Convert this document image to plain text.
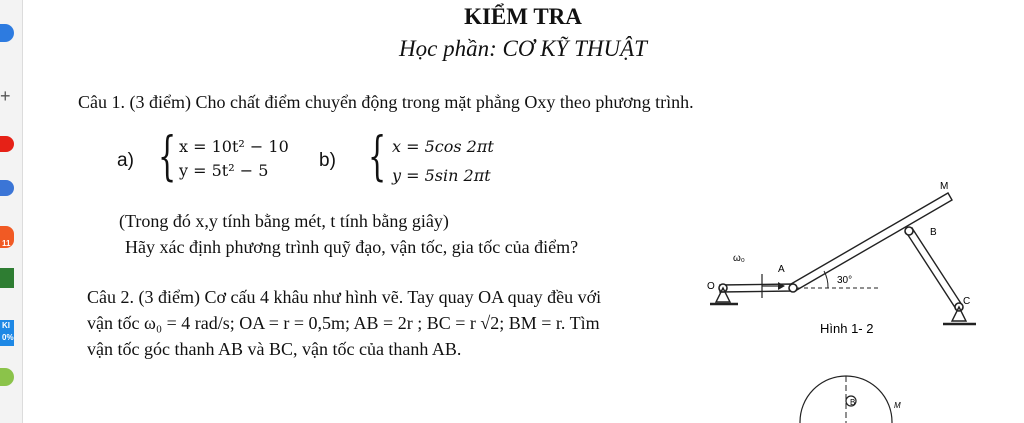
+
11
KI
0%
KIỂM TRA
Học phần: CƠ KỸ THUẬT
Câu 1. (3 điểm) Cho chất điểm chuyển động trong mặt phẳng Oxy theo phương trình.
a) { x = 10t² − 10
y = 5t² − 5	b) { x = 5cos 2πt
y = 5sin 2πt
(Trong đó x,y tính bằng mét, t tính bằng giây)
Hãy xác định phương trình quỹ đạo, vận tốc, gia tốc của điểm?
Câu 2. (3 điểm) Cơ cấu 4 khâu như hình vẽ. Tay quay OA quay đều với
vận tốc ω₀ = 4 rad/s; OA = r = 0,5m; AB = 2r ; BC = r √2; BM = r. Tìm
vận tốc góc thanh AB và BC, vận tốc của thanh AB.
M
B
A
O
C
ω₀
30°
Hình 1- 2
B	M
